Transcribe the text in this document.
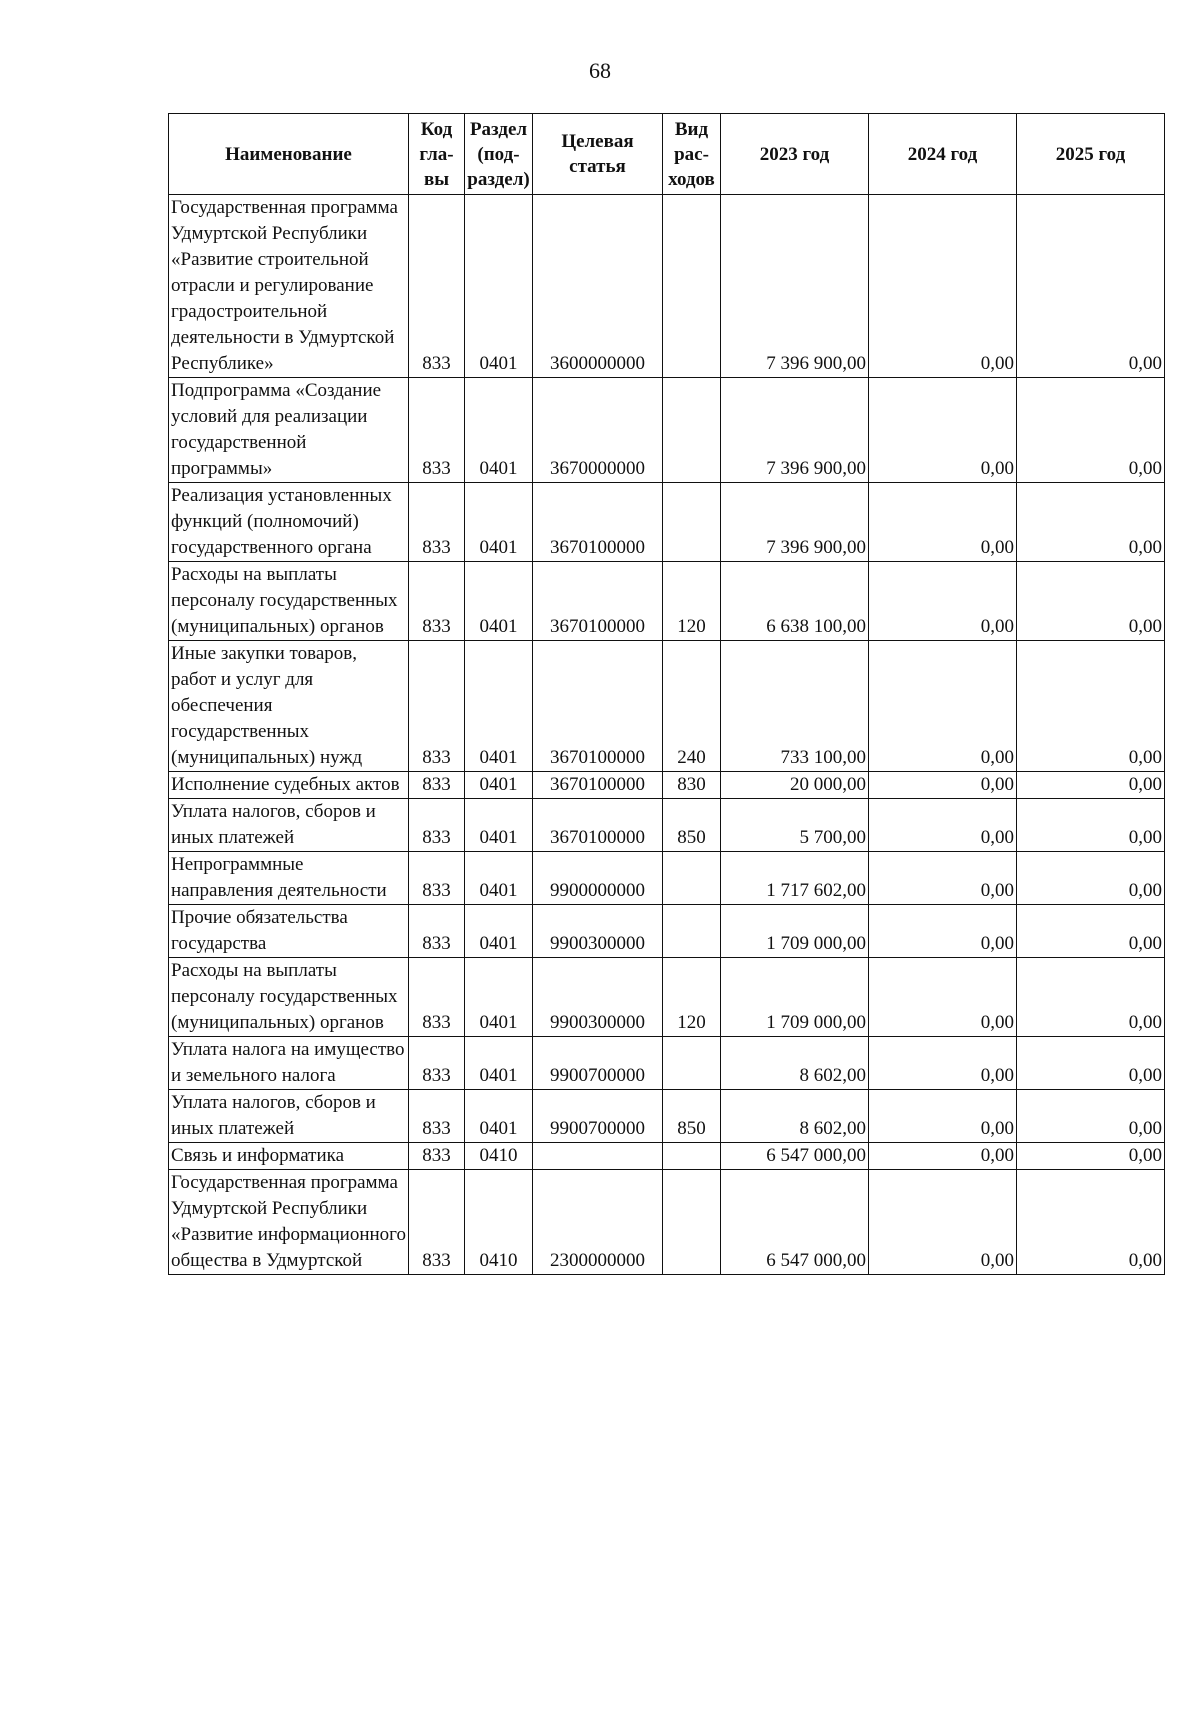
68
Наименование	Код гла-вы	Раздел (под-раздел)	Целевая статья	Вид рас-ходов	2023 год	2024 год	2025 год
Государственная программа Удмуртской Республики «Развитие строительной отрасли и регулирование градостроительной деятельности в Удмуртской Республике»	833	0401	3600000000		7 396 900,00	0,00	0,00
Подпрограмма «Создание условий для реализации государственной программы»	833	0401	3670000000		7 396 900,00	0,00	0,00
Реализация установленных функций (полномочий) государственного органа	833	0401	3670100000		7 396 900,00	0,00	0,00
Расходы на выплаты персоналу государственных (муниципальных) органов	833	0401	3670100000	120	6 638 100,00	0,00	0,00
Иные закупки товаров, работ и услуг для обеспечения государственных (муниципальных) нужд	833	0401	3670100000	240	733 100,00	0,00	0,00
Исполнение судебных актов	833	0401	3670100000	830	20 000,00	0,00	0,00
Уплата налогов, сборов и иных платежей	833	0401	3670100000	850	5 700,00	0,00	0,00
Непрограммные направления деятельности	833	0401	9900000000		1 717 602,00	0,00	0,00
Прочие обязательства государства	833	0401	9900300000		1 709 000,00	0,00	0,00
Расходы на выплаты персоналу государственных (муниципальных) органов	833	0401	9900300000	120	1 709 000,00	0,00	0,00
Уплата налога на имущество и земельного налога	833	0401	9900700000		8 602,00	0,00	0,00
Уплата налогов, сборов и иных платежей	833	0401	9900700000	850	8 602,00	0,00	0,00
Связь и информатика	833	0410			6 547 000,00	0,00	0,00
Государственная программа Удмуртской Республики «Развитие информационного общества в Удмуртской	833	0410	2300000000		6 547 000,00	0,00	0,00
